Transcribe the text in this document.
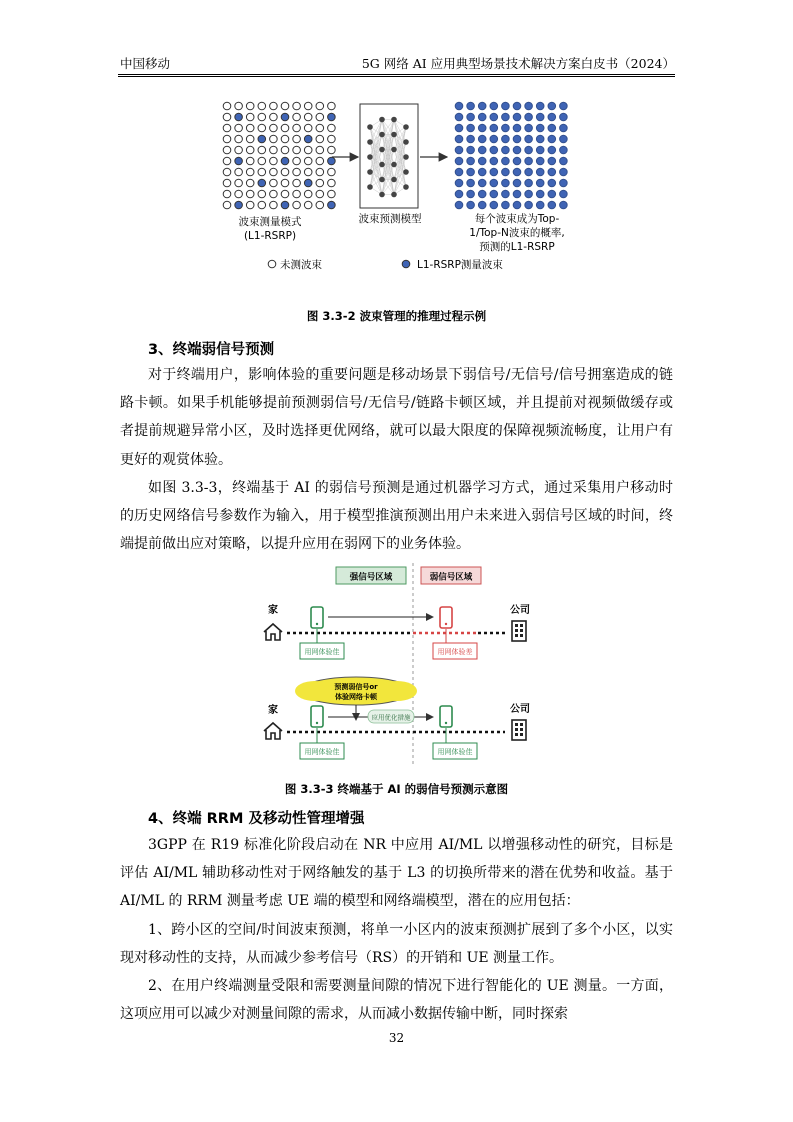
中国移动	5G 网络 AI 应用典型场景技术解决方案白皮书（2024）
波束测量模式
(L1-RSRP)
波束预测模型	每个波束成为Top-
1/Top-N波束的概率,
预测的L1-RSRP
未测波束	L1-RSRP测量波束
图 3.3-2 波束管理的推理过程示例
3、终端弱信号预测

对于终端用户，影响体验的重要问题是移动场景下弱信号/无信号/信号拥塞造成的链路卡顿。如果手机能够提前预测弱信号/无信号/链路卡顿区域，并且提前对视频做缓存或者提前规避异常小区，及时选择更优网络，就可以最大限度的保障视频流畅度，让用户有更好的观赏体验。

如图 3.3-3，终端基于 AI 的弱信号预测是通过机器学习方式，通过采集用户移动时的历史网络信号参数作为输入，用于模型推演预测出用户未来进入弱信号区域的时间，终端提前做出应对策略，以提升应用在弱网下的业务体验。

强信号区域	弱信号区域
家
用网体验佳	用网体验差
公司
预测弱信号or
体验网络卡顿
家
应用优化措施
用网体验佳	用网体验佳
公司
图 3.3-3 终端基于 AI 的弱信号预测示意图
4、终端 RRM 及移动性管理增强

3GPP 在 R19 标准化阶段启动在 NR 中应用 AI/ML 以增强移动性的研究，目标是评估 AI/ML 辅助移动性对于网络触发的基于 L3 的切换所带来的潜在优势和收益。基于 AI/ML 的 RRM 测量考虑 UE 端的模型和网络端模型，潜在的应用包括：

1、跨小区的空间/时间波束预测，将单一小区内的波束预测扩展到了多个小区，以实现对移动性的支持，从而减少参考信号（RS）的开销和 UE 测量工作。

2、在用户终端测量受限和需要测量间隙的情况下进行智能化的 UE 测量。一方面，这项应用可以减少对测量间隙的需求，从而减小数据传输中断，同时探索

32
